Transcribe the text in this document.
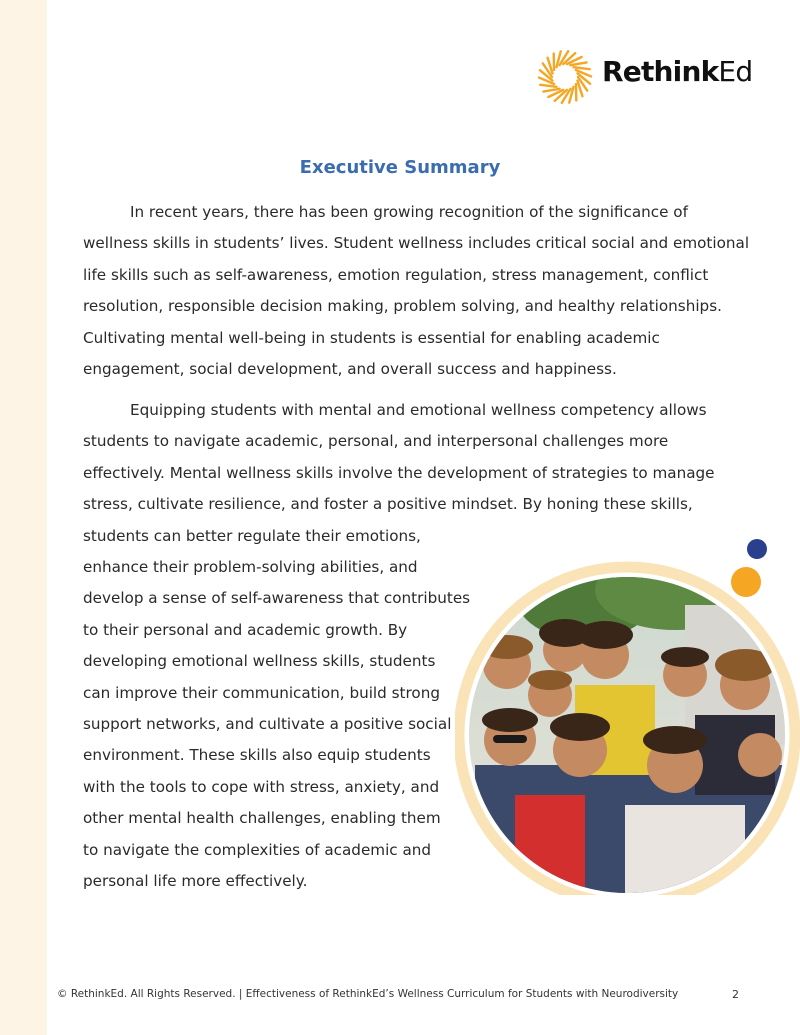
RethinkEd
Executive Summary
In recent years, there has been growing recognition of the significance of
wellness skills in students’ lives. Student wellness includes critical social and emotional
life skills such as self-awareness, emotion regulation, stress management, conflict
resolution, responsible decision making, problem solving, and healthy relationships.
Cultivating mental well-being in students is essential for enabling academic
engagement, social development, and overall success and happiness.
Equipping students with mental and emotional wellness competency allows
students to navigate academic, personal, and interpersonal challenges more
effectively. Mental wellness skills involve the development of strategies to manage
stress, cultivate resilience, and foster a positive mindset. By honing these skills,
students can better regulate their emotions,
enhance their problem-solving abilities, and
develop a sense of self-awareness that contributes
to their personal and academic growth. By
developing emotional wellness skills, students
can improve their communication, build strong
support networks, and cultivate a positive social
environment. These skills also equip students
with the tools to cope with stress, anxiety, and
other mental health challenges, enabling them
to navigate the complexities of academic and
personal life more effectively.
© RethinkEd. All Rights Reserved. | Effectiveness of RethinkEd’s Wellness Curriculum for Students with Neurodiversity	2
